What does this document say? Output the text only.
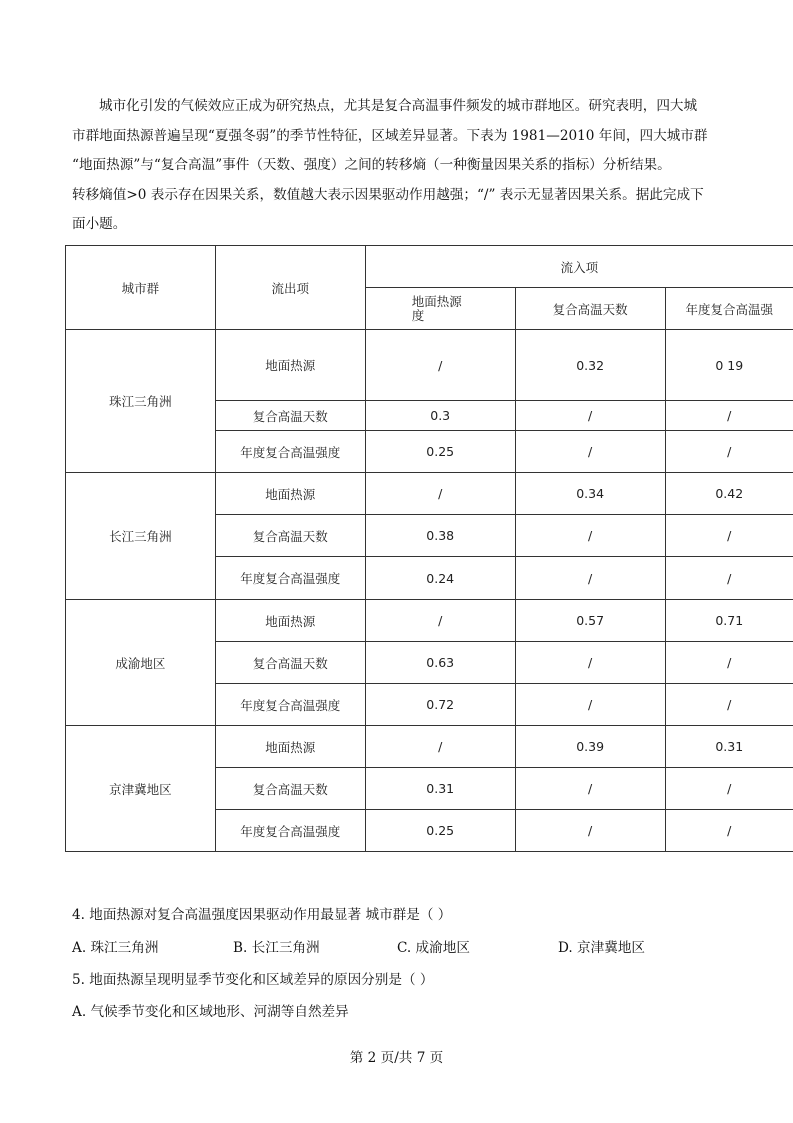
城市化引发的气候效应正成为研究热点，尤其是复合高温事件频发的城市群地区。研究表明，四大城
市群地面热源普遍呈现“夏强冬弱”的季节性特征，区域差异显著。下表为 1981—2010 年间，四大城市群
“地面热源”与“复合高温”事件（天数、强度）之间的转移熵（一种衡量因果关系的指标）分析结果。
转移熵值>0 表示存在因果关系，数值越大表示因果驱动作用越强；“/” 表示无显著因果关系。据此完成下
面小题。

城市群	流出项	流入项		

		地面热源度	复合高温天数	年度复合高温强
珠江三角洲	地面热源	/	0.32	0 19
	复合高温天数	0.3	/	/
	年度复合高温强度	0.25	/	/
长江三角洲	地面热源	/	0.34	0.42
	复合高温天数	0.38	/	/
	年度复合高温强度	0.24	/	/
成渝地区	地面热源	/	0.57	0.71
	复合高温天数	0.63	/	/
	年度复合高温强度	0.72	/	/
京津冀地区	地面热源	/	0.39	0.31
	复合高温天数	0.31	/	/
	年度复合高温强度	0.25	/	/

4. 地面热源对复合高温强度因果驱动作用最显著 城市群是（ ）

A. 珠江三角洲	B. 长江三角洲	C. 成渝地区	D. 京津冀地区

5. 地面热源呈现明显季节变化和区域差异的原因分别是（ ）

A. 气候季节变化和区域地形、河湖等自然差异

第 2 页/共 7 页
